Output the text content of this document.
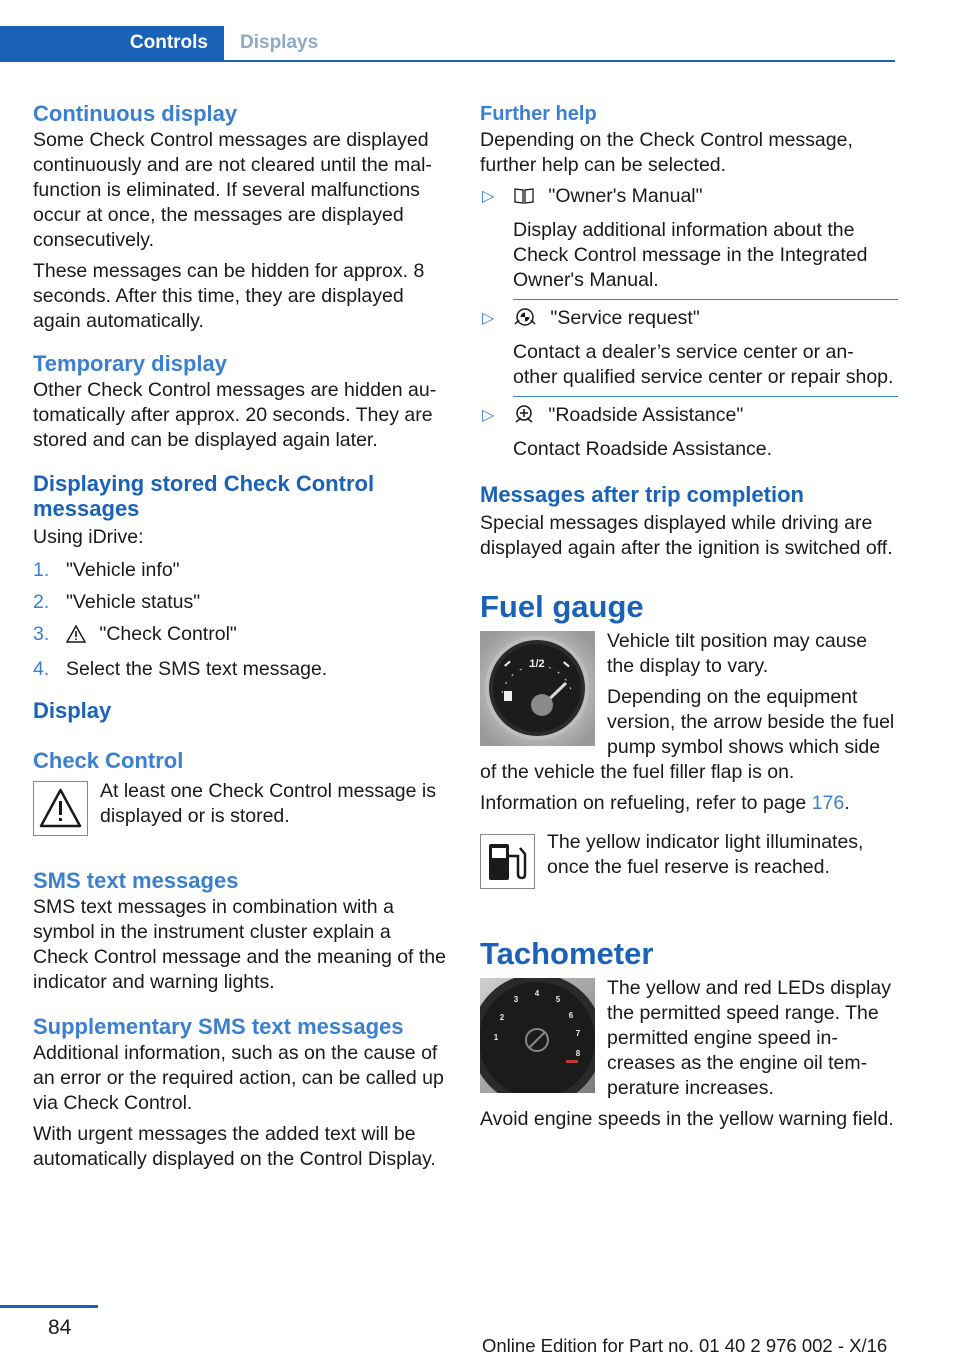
Controls	Displays
Continuous display

Some Check Control messages are displayed continuously and are not cleared until the mal-function is eliminated. If several malfunctions occur at once, the messages are displayed consecutively.

These messages can be hidden for approx. 8 seconds. After this time, they are displayed again automatically.

Temporary display

Other Check Control messages are hidden au-tomatically after approx. 20 seconds. They are stored and can be displayed again later.

Displaying stored Check Control messages

Using iDrive:

1. "Vehicle info"
2. "Vehicle status"
3.	"Check Control"
4. Select the SMS text message.
Display
Check Control

At least one Check Control message is displayed or is stored.

SMS text messages

SMS text messages in combination with a symbol in the instrument cluster explain a Check Control message and the meaning of the indicator and warning lights.

Supplementary SMS text messages

Additional information, such as on the cause of an error or the required action, can be called up via Check Control.

With urgent messages the added text will be automatically displayed on the Control Display.

Further help

Depending on the Check Control message, further help can be selected.

▷	"Owner's Manual"

Display additional information about the Check Control message in the Integrated Owner's Manual.

▷	"Service request"

Contact a dealer’s service center or an-other qualified service center or repair shop.

▷	"Roadside Assistance"

Contact Roadside Assistance.

Messages after trip completion

Special messages displayed while driving are displayed again after the ignition is switched off.

Fuel gauge
1/2

Vehicle tilt position may cause the display to vary.

Depending on the equipment version, the arrow beside the fuel pump symbol shows which side of the vehicle the fuel filler flap is on.

Information on refueling, refer to page 176.

The yellow indicator light illuminates, once the fuel reserve is reached.

Tachometer
1
2
3
4
5
6
7
8

The yellow and red LEDs display the permitted speed range. The permitted engine speed in-creases as the engine oil tem-perature increases.

Avoid engine speeds in the yellow warning field.

84
Online Edition for Part no. 01 40 2 976 002 - X/16
